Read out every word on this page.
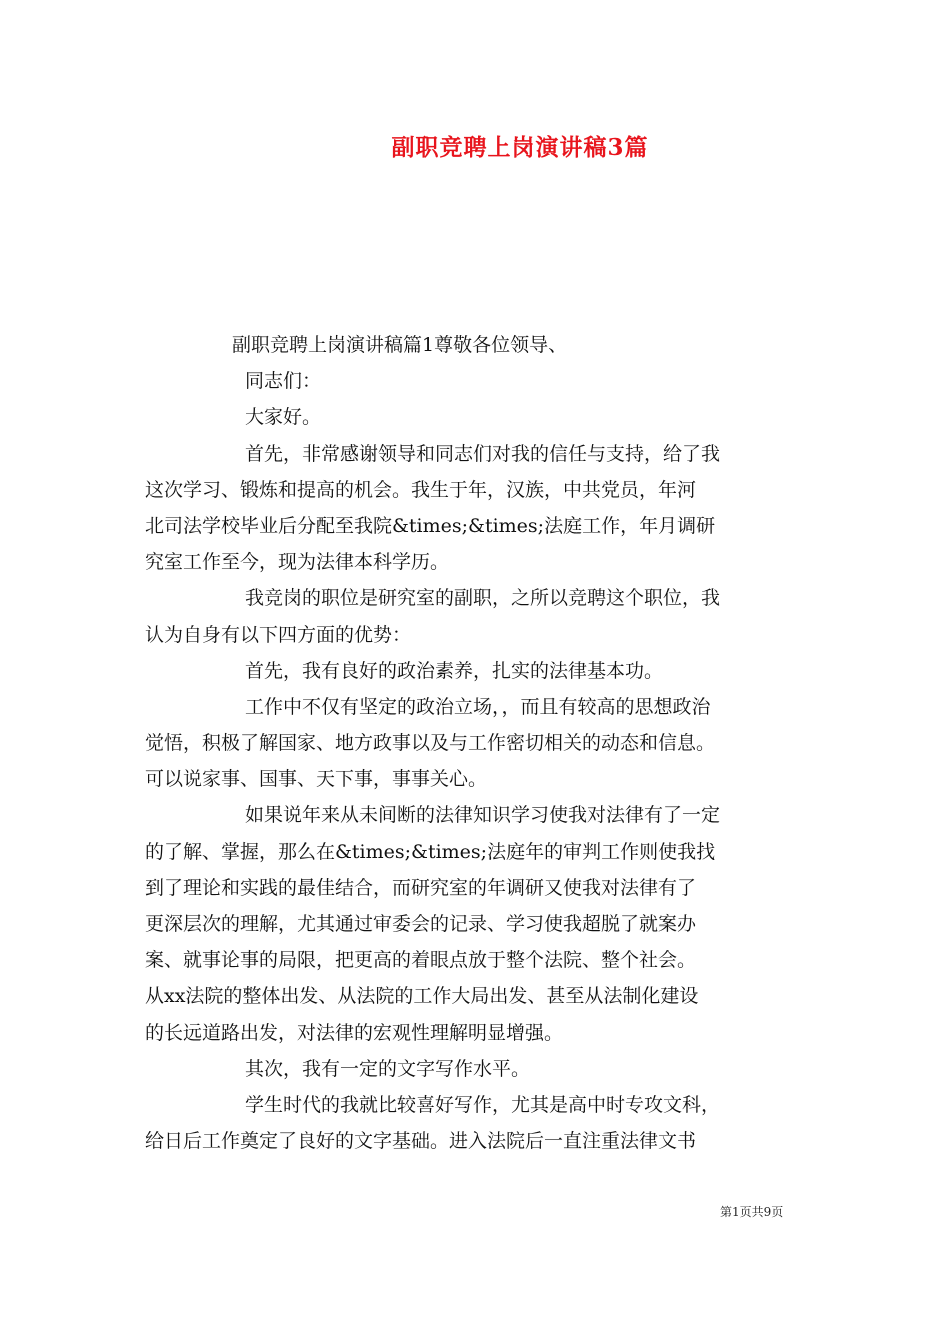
副职竞聘上岗演讲稿3篇
副职竞聘上岗演讲稿篇1尊敬各位领导、
同志们：
大家好。
首先，非常感谢领导和同志们对我的信任与支持，给了我
这次学习、锻炼和提高的机会。我生于年，汉族，中共党员，年河
北司法学校毕业后分配至我院&times;&times;法庭工作，年月调研
究室工作至今，现为法律本科学历。
我竞岗的职位是研究室的副职，之所以竞聘这个职位，我
认为自身有以下四方面的优势：
首先，我有良好的政治素养，扎实的法律基本功。
工作中不仅有坚定的政治立场，，而且有较高的思想政治
觉悟，积极了解国家、地方政事以及与工作密切相关的动态和信息。
可以说家事、国事、天下事，事事关心。
如果说年来从未间断的法律知识学习使我对法律有了一定
的了解、掌握，那么在&times;&times;法庭年的审判工作则使我找
到了理论和实践的最佳结合，而研究室的年调研又使我对法律有了
更深层次的理解，尤其通过审委会的记录、学习使我超脱了就案办
案、就事论事的局限，把更高的着眼点放于整个法院、整个社会。
从xx法院的整体出发、从法院的工作大局出发、甚至从法制化建设
的长远道路出发，对法律的宏观性理解明显增强。
其次，我有一定的文字写作水平。
学生时代的我就比较喜好写作，尤其是高中时专攻文科，
给日后工作奠定了良好的文字基础。进入法院后一直注重法律文书
第1页共9页
